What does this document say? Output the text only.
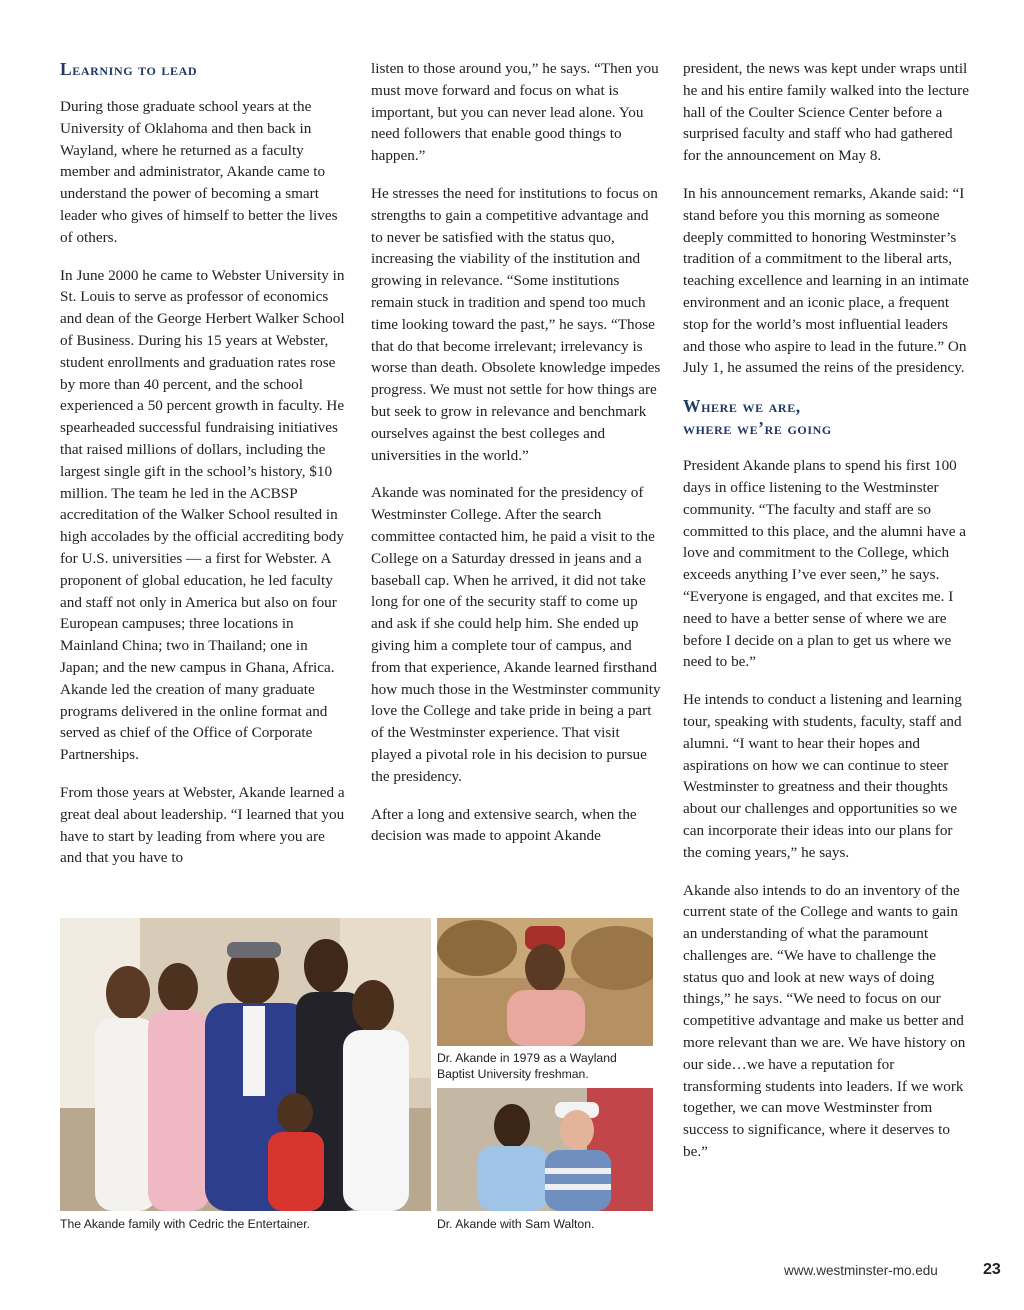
Learning to lead

During those graduate school years at the University of Oklahoma and then back in Wayland, where he returned as a faculty member and administrator, Akande came to understand the power of becoming a smart leader who gives of himself to better the lives of others.

In June 2000 he came to Webster University in St. Louis to serve as professor of economics and dean of the George Herbert Walker School of Business. During his 15 years at Webster, student enrollments and graduation rates rose by more than 40 percent, and the school experienced a 50 percent growth in faculty. He spearheaded successful fundraising initiatives that raised millions of dollars, including the largest single gift in the school’s history, $10 million. The team he led in the ACBSP accreditation of the Walker School resulted in high accolades by the official accrediting body for U.S. universities — a first for Webster. A proponent of global education, he led faculty and staff not only in America but also on four European campuses; three locations in Mainland China; two in Thailand; one in Japan; and the new campus in Ghana, Africa. Akande led the creation of many graduate programs delivered in the online format and served as chief of the Office of Corporate Partnerships.

From those years at Webster, Akande learned a great deal about leadership. “I learned that you have to start by leading from where you are and that you have to

listen to those around you,” he says. “Then you must move forward and focus on what is important, but you can never lead alone. You need followers that enable good things to happen.”

He stresses the need for institutions to focus on strengths to gain a competitive advantage and to never be satisfied with the status quo, increasing the viability of the institution and growing in relevance. “Some institutions remain stuck in tradition and spend too much time looking toward the past,” he says. “Those that do that become irrelevant; irrelevancy is worse than death. Obsolete knowledge impedes progress. We must not settle for how things are but seek to grow in relevance and benchmark ourselves against the best colleges and universities in the world.”

Akande was nominated for the presidency of Westminster College. After the search committee contacted him, he paid a visit to the College on a Saturday dressed in jeans and a baseball cap. When he arrived, it did not take long for one of the security staff to come up and ask if she could help him. She ended up giving him a complete tour of campus, and from that experience, Akande learned firsthand how much those in the Westminster community love the College and take pride in being a part of the Westminster experience. That visit played a pivotal role in his decision to pursue the presidency.

After a long and extensive search, when the decision was made to appoint Akande

president, the news was kept under wraps until he and his entire family walked into the lecture hall of the Coulter Science Center before a surprised faculty and staff who had gathered for the announcement on May 8.

In his announcement remarks, Akande said: “I stand before you this morning as someone deeply committed to honoring Westminster’s tradition of a commitment to the liberal arts, teaching excellence and learning in an intimate environment and an iconic place, a frequent stop for the world’s most influential leaders and those who aspire to lead in the future.” On July 1, he assumed the reins of the presidency.

Where we are,
where we’re going

President Akande plans to spend his first 100 days in office listening to the Westminster community. “The faculty and staff are so committed to this place, and the alumni have a love and commitment to the College, which exceeds anything I’ve ever seen,” he says. “Everyone is engaged, and that excites me. I need to have a better sense of where we are before I decide on a plan to get us where we need to be.”

He intends to conduct a listening and learning tour, speaking with students, faculty, staff and alumni. “I want to hear their hopes and aspirations on how we can continue to steer Westminster to greatness and their thoughts about our challenges and opportunities so we can incorporate their ideas into our plans for the coming years,” he says.

Akande also intends to do an inventory of the current state of the College and wants to gain an understanding of what the paramount challenges are. “We have to challenge the status quo and look at new ways of doing things,” he says. “We need to focus on our competitive advantage and make us better and more relevant than we are. We have history on our side…we have a reputation for transforming students into leaders. If we work together, we can move Westminster from success to significance, where it deserves to be.”

Dr. Akande in 1979 as a Wayland Baptist University freshman.
The Akande family with Cedric the Entertainer.	Dr. Akande with Sam Walton.
www.westminster-mo.edu	23
